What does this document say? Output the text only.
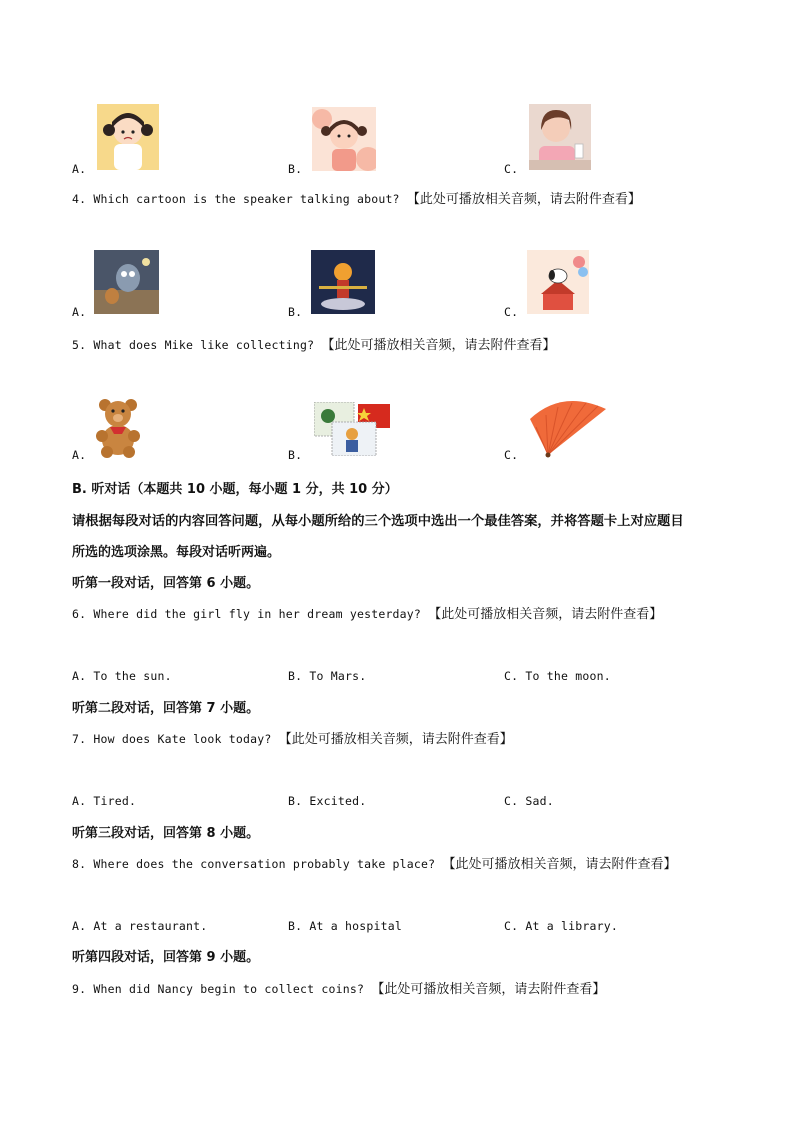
A.	B.	C.
4. Which cartoon is the speaker talking about? 【此处可播放相关音频，请去附件查看】
A.	B.	C.
5. What does Mike like collecting? 【此处可播放相关音频，请去附件查看】
A.	B.	C.
B. 听对话（本题共 10 小题，每小题 1 分，共 10 分）
请根据每段对话的内容回答问题，从每小题所给的三个选项中选出一个最佳答案，并将答题卡上对应题目
所选的选项涂黑。每段对话听两遍。
听第一段对话，回答第 6 小题。
6. Where did the girl fly in her dream yesterday? 【此处可播放相关音频，请去附件查看】
A. To the sun.	B. To Mars.	C. To the moon.
听第二段对话，回答第 7 小题。
7. How does Kate look today? 【此处可播放相关音频，请去附件查看】
A. Tired.	B. Excited.	C. Sad.
听第三段对话，回答第 8 小题。
8. Where does the conversation probably take place? 【此处可播放相关音频，请去附件查看】
A. At a restaurant.	B. At a hospital	C. At a library.
听第四段对话，回答第 9 小题。
9. When did Nancy begin to collect coins? 【此处可播放相关音频，请去附件查看】
